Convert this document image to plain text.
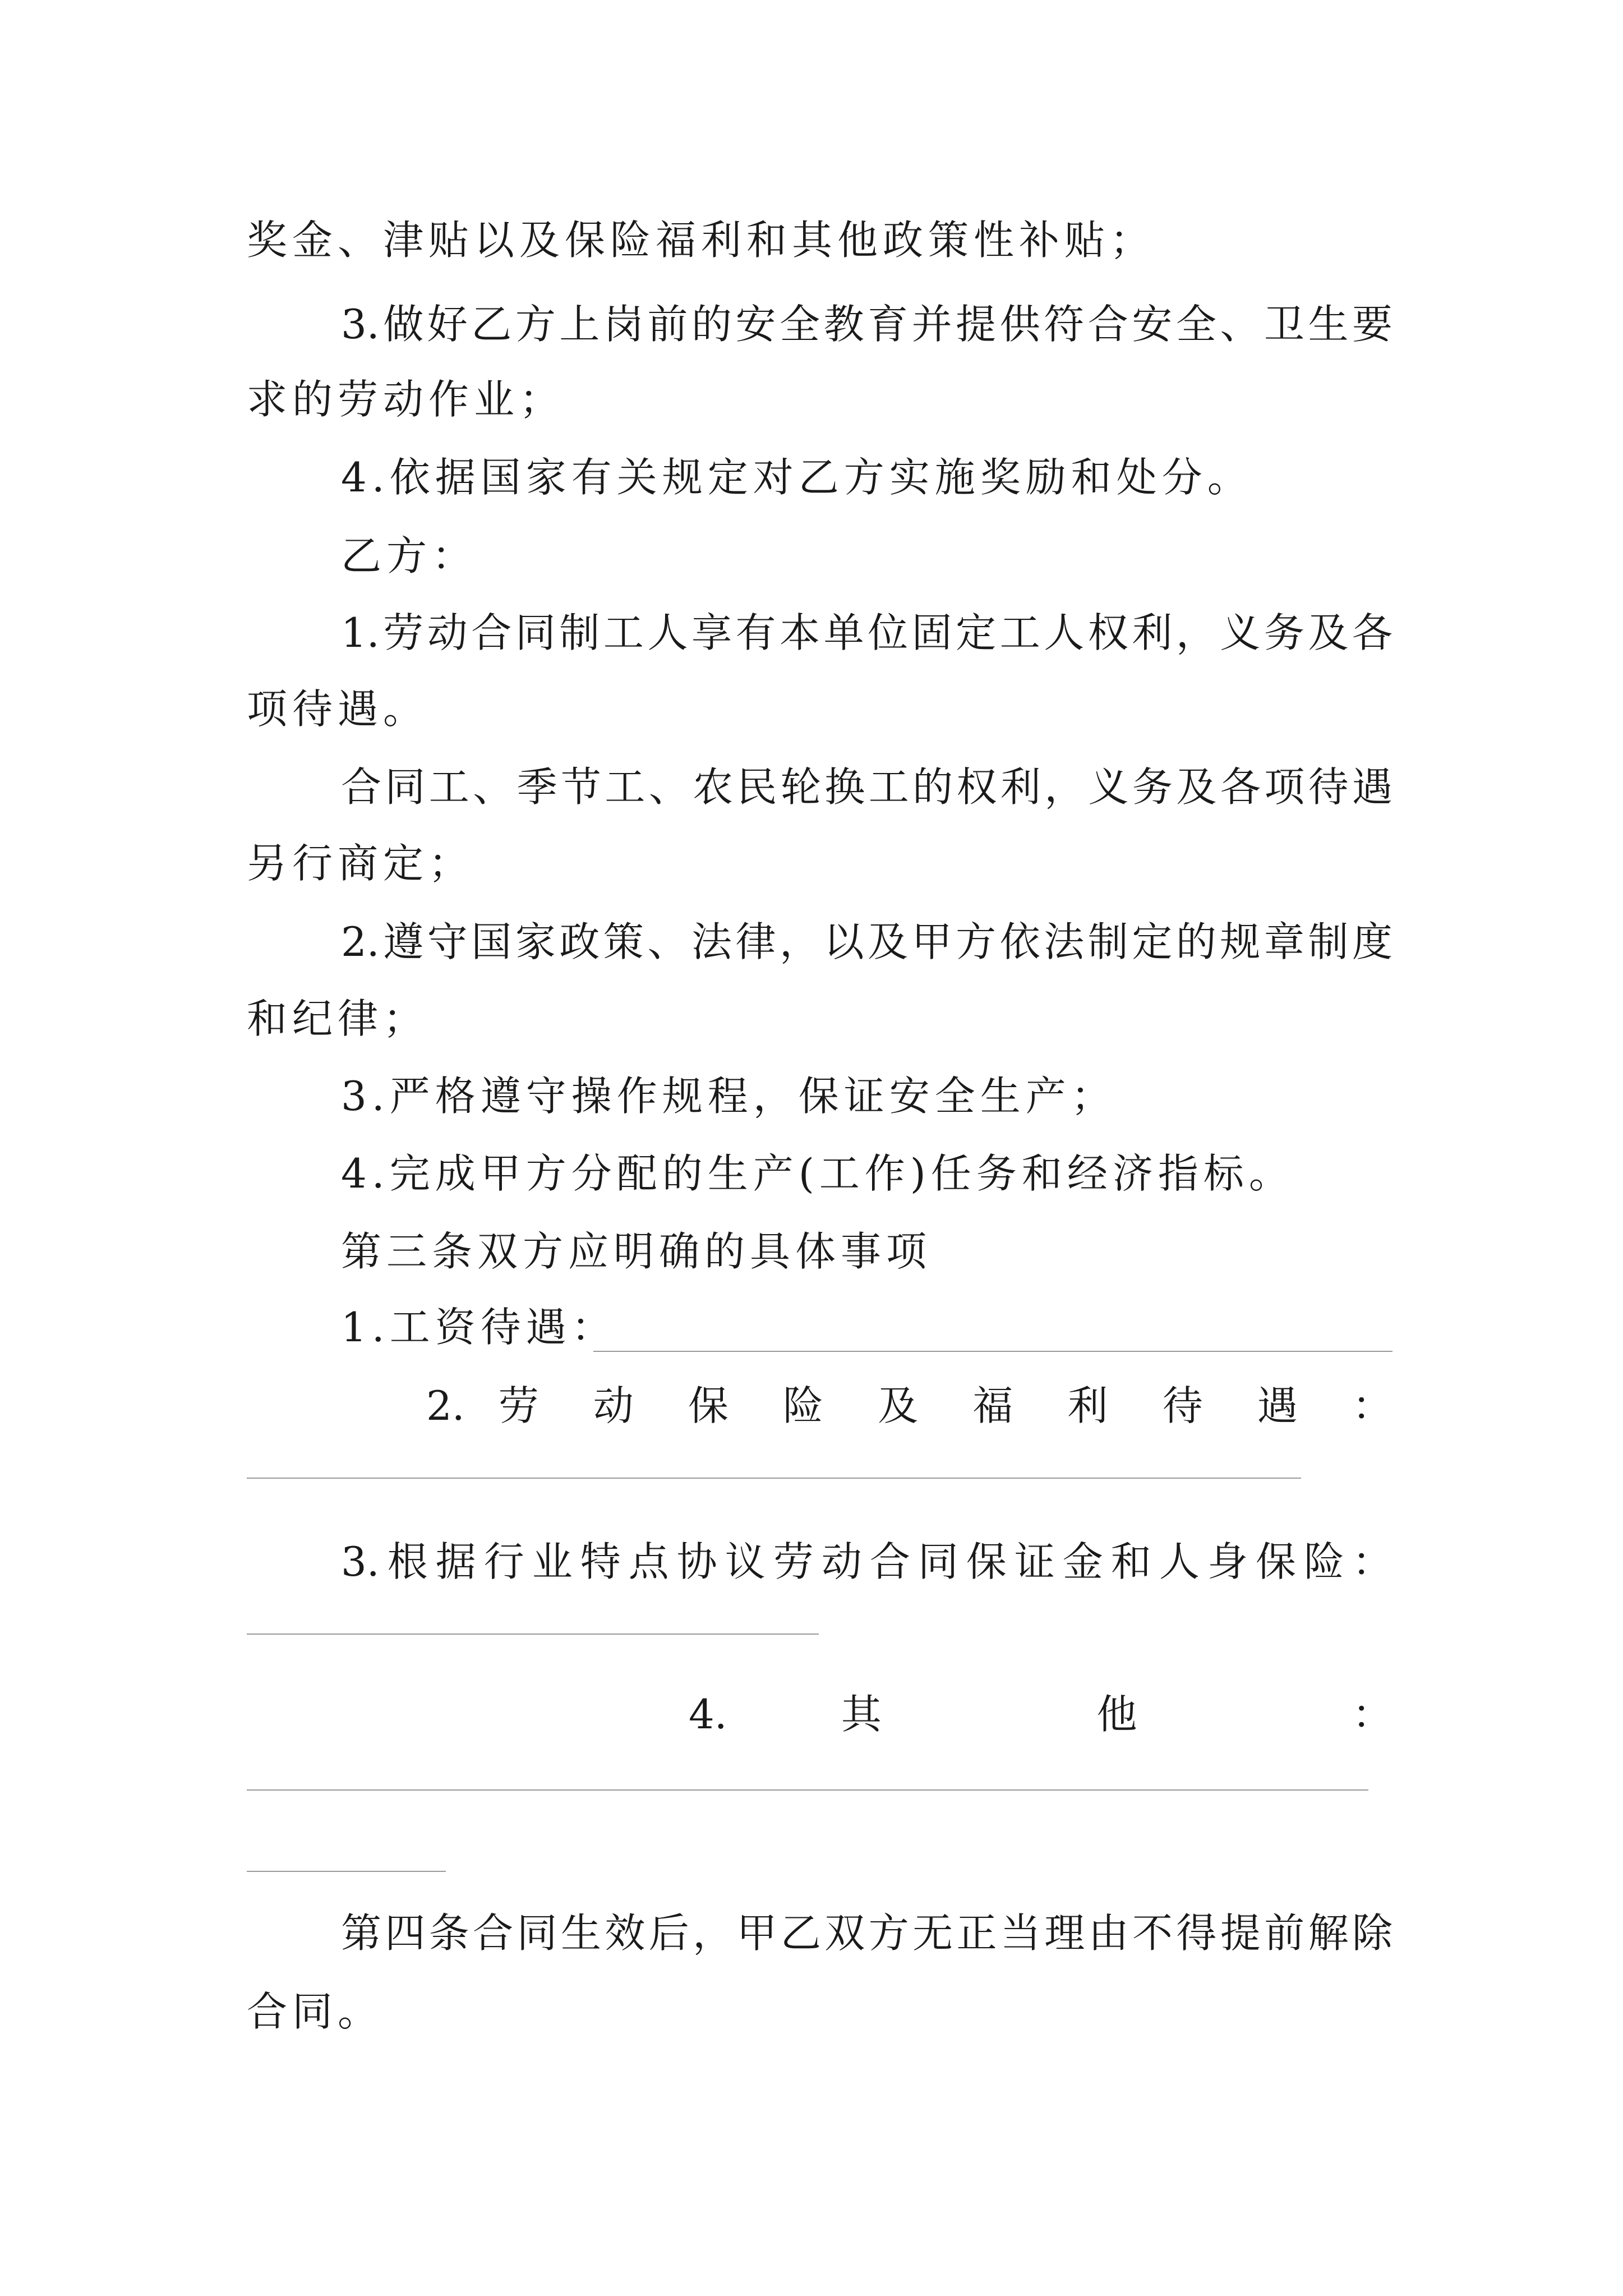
奖金、津贴以及保险福利和其他政策性补贴；
3.做好乙方上岗前的安全教育并提供符合安全、卫生要
求的劳动作业；
4.依据国家有关规定对乙方实施奖励和处分。
乙方：
1.劳动合同制工人享有本单位固定工人权利，义务及各
项待遇。
合同工、季节工、农民轮换工的权利，义务及各项待遇
另行商定；
2.遵守国家政策、法律，以及甲方依法制定的规章制度
和纪律；
3.严格遵守操作规程，保证安全生产；
4.完成甲方分配的生产(工作)任务和经济指标。
第三条双方应明确的具体事项
1.工资待遇：
2. 劳 动 保 险 及 福 利 待 遇 ：
3.根据行业特点协议劳动合同保证金和人身保险：
4. 其 他 ：
第四条合同生效后，甲乙双方无正当理由不得提前解除
合同。
